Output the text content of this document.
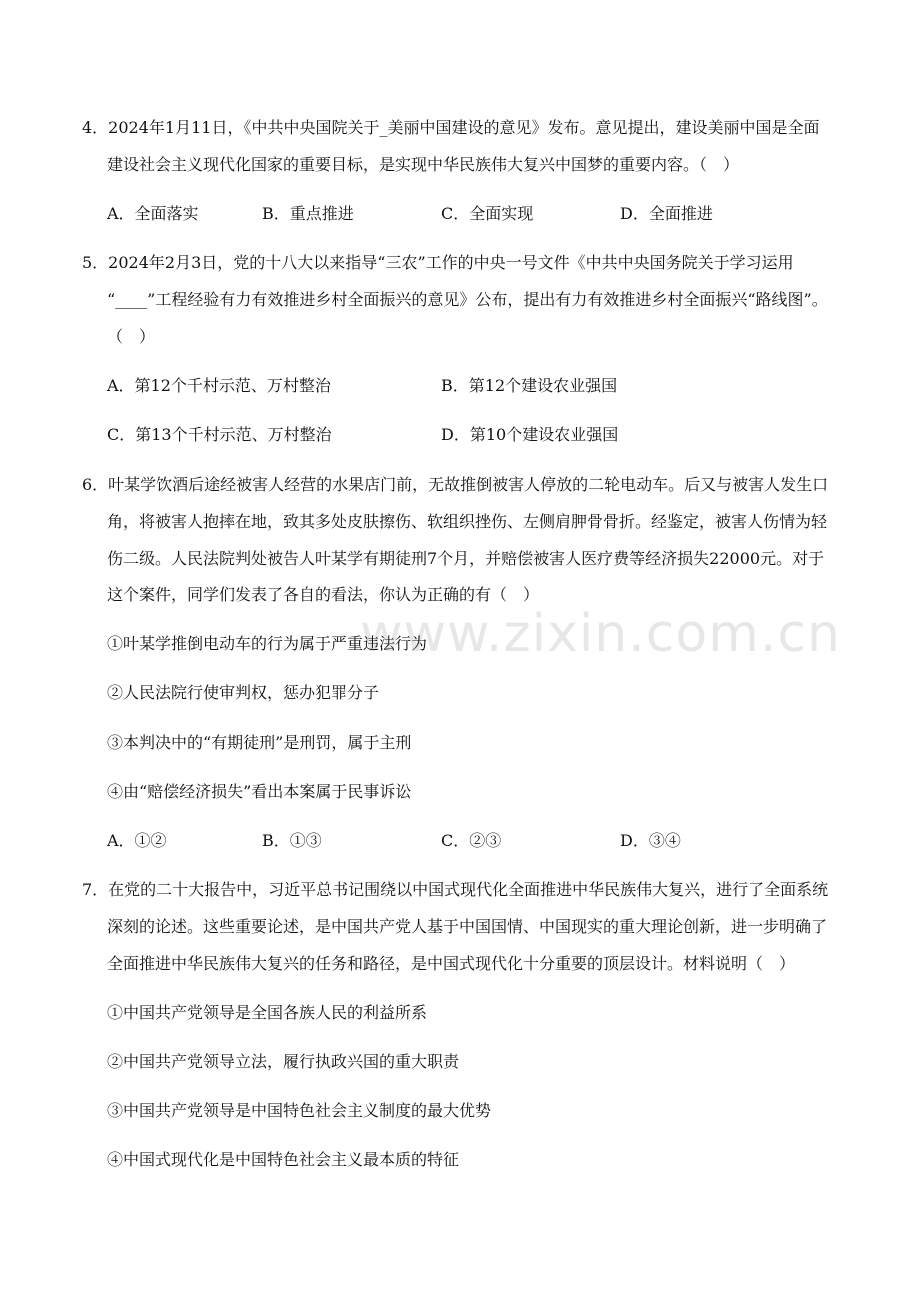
4．2024年1月11日，《中共中央国院关于_美丽中国建设的意见》发布。意见提出，建设美丽中国是全面
建设社会主义现代化国家的重要目标，是实现中华民族伟大复兴中国梦的重要内容。（　）
A．全面落实	B．重点推进	C．全面实现	D．全面推进
5．2024年2月3日，党的十八大以来指导“三农”工作的中央一号文件《中共中央国务院关于学习运用
“____”工程经验有力有效推进乡村全面振兴的意见》公布，提出有力有效推进乡村全面振兴“路线图”。
（　）
A．第12个千村示范、万村整治	B．第12个建设农业强国
C．第13个千村示范、万村整治	D．第10个建设农业强国
6．叶某学饮酒后途经被害人经营的水果店门前，无故推倒被害人停放的二轮电动车。后又与被害人发生口
角，将被害人抱摔在地，致其多处皮肤擦伤、软组织挫伤、左侧肩胛骨骨折。经鉴定，被害人伤情为轻
伤二级。人民法院判处被告人叶某学有期徒刑7个月，并赔偿被害人医疗费等经济损失22000元。对于
这个案件，同学们发表了各自的看法，你认为正确的有（　）
①叶某学推倒电动车的行为属于严重违法行为
②人民法院行使审判权，惩办犯罪分子
③本判决中的“有期徒刑”是刑罚，属于主刑
④由“赔偿经济损失”看出本案属于民事诉讼
A．①②	B．①③	C．②③	D．③④
7．在党的二十大报告中，习近平总书记围绕以中国式现代化全面推进中华民族伟大复兴，进行了全面系统
深刻的论述。这些重要论述，是中国共产党人基于中国国情、中国现实的重大理论创新，进一步明确了
全面推进中华民族伟大复兴的任务和路径，是中国式现代化十分重要的顶层设计。材料说明（　）
①中国共产党领导是全国各族人民的利益所系
②中国共产党领导立法，履行执政兴国的重大职责
③中国共产党领导是中国特色社会主义制度的最大优势
④中国式现代化是中国特色社会主义最本质的特征
www.zixin.com.cn
